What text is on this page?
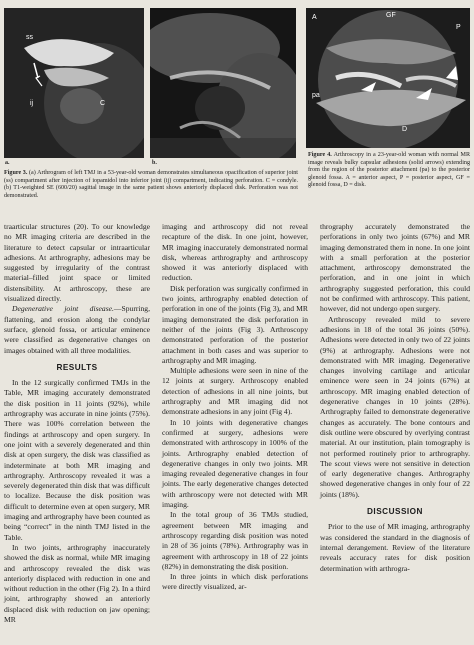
ss
ij	C
a.	b.
A	GF
P
pa
D
Figure 3. (a) Arthrogram of left TMJ in a 53-year-old woman demonstrates simultaneous opacification of superior joint (ss) compartment after injection of iopamidol into inferior joint (ij) compartment, indicating perforation. C = condyle. (b) T1-weighted SE (600/20) sagittal image in the same patient shows anteriorly displaced disk. Perforation was not demonstrated.
Figure 4. Arthroscopy in a 23-year-old woman with normal MR image reveals bulky capsular adhesions (solid arrows) extending from the region of the posterior attachment (pa) to the posterior glenoid fossa. A = anterior aspect, P = posterior aspect, GF = glenoid fossa, D = disk.

traarticular structures (20). To our knowledge no MR imaging criteria are described in the literature to detect capsular or intraarticular adhesions. At arthrography, adhesions may be suggested by irregularity of the contrast material–filled joint space or limited distensibility. At arthroscopy, these are visualized directly.

Degenerative joint disease.—Spurring, flattening, and erosion along the condylar surface, glenoid fossa, or articular eminence were classified as degenerative changes on images obtained with all three modalities.

RESULTS

In the 12 surgically confirmed TMJs in the Table, MR imaging accurately demonstrated the disk position in 11 joints (92%), while arthrography was accurate in nine joints (75%). There was 100% correlation between the findings at arthroscopy and open surgery. In one joint with a severely degenerated and thin disk at open surgery, the disk was classified as indeterminate at both MR imaging and arthrography. Arthroscopy revealed it was a severely degenerated thin disk that was difficult to localize. Because the disk position was difficult to determine even at open surgery, MR imaging and arthrography have been counted as being “correct” in the ninth TMJ listed in the Table.

In two joints, arthrography inaccurately showed the disk as normal, while MR imaging and arthroscopy revealed the disk was anteriorly displaced with reduction in one and without reduction in the other (Fig 2). In a third joint, arthrography showed an anteriorly displaced disk with reduction on jaw opening; MR

imaging and arthroscopy did not reveal recapture of the disk. In one joint, however, MR imaging inaccurately demonstrated normal disk, whereas arthrography and arthroscopy showed it was anteriorly displaced with reduction.

Disk perforation was surgically confirmed in two joints, arthrography enabled detection of perforation in one of the joints (Fig 3), and MR imaging demonstrated the disk perforation in neither of the joints (Fig 3). Arthroscopy demonstrated perforation of the posterior attachment in both cases and was superior to arthrography and MR imaging.

Multiple adhesions were seen in nine of the 12 joints at surgery. Arthroscopy enabled detection of adhesions in all nine joints, but arthrography and MR imaging did not demonstrate adhesions in any joint (Fig 4).

In 10 joints with degenerative changes confirmed at surgery, adhesions were demonstrated with arthroscopy in 100% of the joints. Arthrography enabled detection of degenerative changes in only two joints. MR imaging revealed degenerative changes in four joints. The early degenerative changes detected with arthroscopy were not detected with MR imaging.

In the total group of 36 TMJs studied, agreement between MR imaging and arthroscopy regarding disk position was noted in 28 of 36 joints (78%). Arthrography was in agreement with arthroscopy in 18 of 22 joints (82%) in demonstrating the disk position.

In three joints in which disk perforations were directly visualized, ar-

thrography accurately demonstrated the perforations in only two joints (67%) and MR imaging demonstrated them in none. In one joint with a small perforation at the posterior attachment, arthroscopy demonstrated the perforation, and in one joint in which arthrography suggested perforation, this could not be confirmed with arthroscopy. This patient, however, did not undergo open surgery.

Arthroscopy revealed mild to severe adhesions in 18 of the total 36 joints (50%). Adhesions were detected in only two of 22 joints (9%) at arthrography. Adhesions were not demonstrated with MR imaging. Degenerative changes involving cartilage and articular eminence were seen in 24 joints (67%) at arthroscopy. MR imaging enabled detection of degenerative changes in 10 joints (28%). Arthrography failed to demonstrate degenerative changes as accurately. The bone contours and disk outline were obscured by overlying contrast material. At our institution, plain tomography is not performed routinely prior to arthrography. The scout views were not sensitive in detection of early degenerative changes. Arthrography showed degenerative changes in only four of 22 joints (18%).

DISCUSSION

Prior to the use of MR imaging, arthrography was considered the standard in the diagnosis of internal derangement. Review of the literature reveals accuracy rates for disk position determination with arthrogra-
